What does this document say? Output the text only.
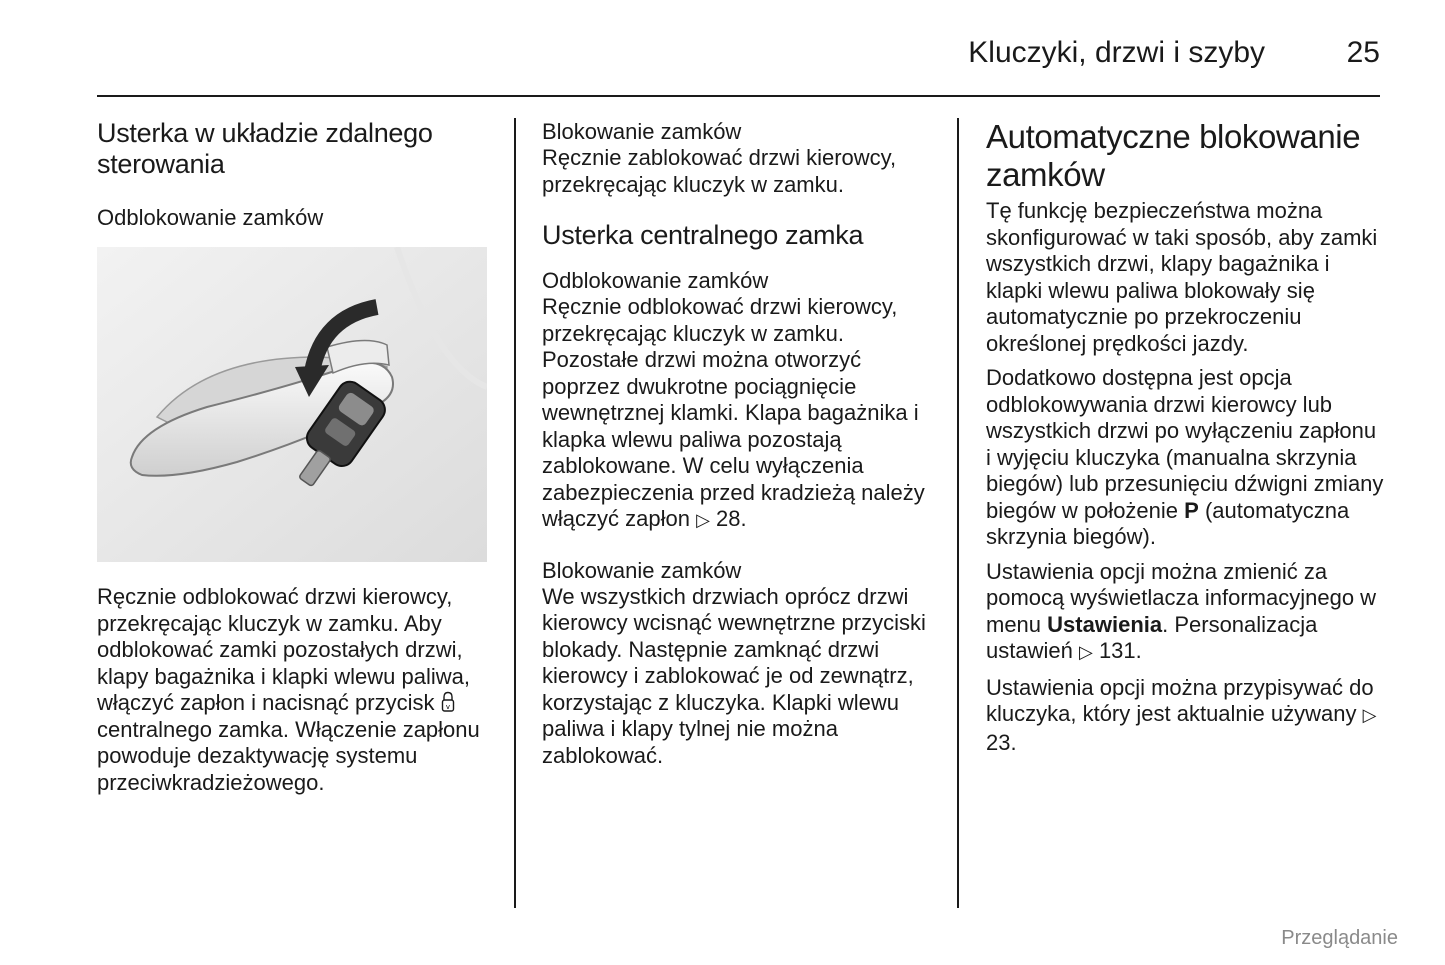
Kluczyki, drzwi i szyby	25
Usterka w układzie zdalnego sterowania
Odblokowanie zamków

Ręcznie odblokować drzwi kierowcy, przekręcając kluczyk w zamku. Aby odblokować zamki pozostałych drzwi, klapy bagażnika i klapki wlewu paliwa, włączyć zapłon i nacisnąć przycisk v
centralnego zamka. Włączenie zapłonu powoduje dezaktywację systemu przeciwkradzieżowego.

Blokowanie zamków

Ręcznie zablokować drzwi kierowcy, przekręcając kluczyk w zamku.

Usterka centralnego zamka
Odblokowanie zamków

Ręcznie odblokować drzwi kierowcy, przekręcając kluczyk w zamku. Pozostałe drzwi można otworzyć poprzez dwukrotne pociągnięcie wewnętrznej klamki. Klapa bagażnika i klapka wlewu paliwa pozostają zablokowane. W celu wyłączenia zabezpieczenia przed kradzieżą należy włączyć zapłon ▷ 28.

Blokowanie zamków

We wszystkich drzwiach oprócz drzwi kierowcy wcisnąć wewnętrzne przyciski blokady. Następnie zamknąć drzwi kierowcy i zablokować je od zewnątrz, korzystając z kluczyka. Klapki wlewu paliwa i klapy tylnej nie można zablokować.

Automatyczne blokowanie zamków

Tę funkcję bezpieczeństwa można skonfigurować w taki sposób, aby zamki wszystkich drzwi, klapy bagażnika i klapki wlewu paliwa blokowały się automatycznie po przekroczeniu określonej prędkości jazdy.

Dodatkowo dostępna jest opcja odblokowywania drzwi kierowcy lub wszystkich drzwi po wyłączeniu zapłonu i wyjęciu kluczyka (manualna skrzynia biegów) lub przesunięciu dźwigni zmiany biegów w położenie P (automatyczna skrzynia biegów).

Ustawienia opcji można zmienić za pomocą wyświetlacza informacyjnego w menu Ustawienia. Personalizacja ustawień ▷ 131.

Ustawienia opcji można przypisywać do kluczyka, który jest aktualnie używany ▷ 23.

Przeglądanie
